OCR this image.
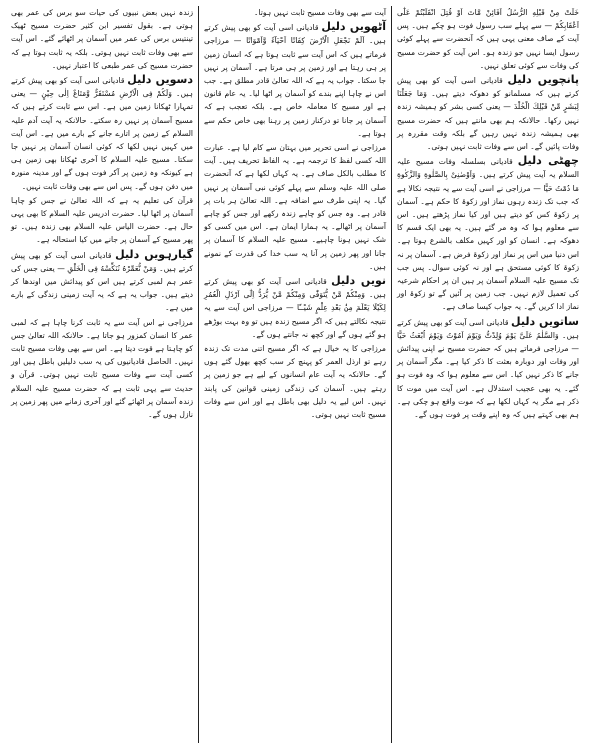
خَلَتْ مِنْ قَبْلِهِ الرُّسُلُ اَفَائِنْ مَّاتَ اَوْ قُتِلَ انْقَلَبْتُمْ عَلٰٓى اَعْقَابِكُمْ — سے پہلے سب رسول فوت ہو چکے ہیں۔ پس آیت کے صاف معنی یہی ہیں کہ آنحضرت سے پہلے کوئی رسول ایسا نہیں جو زندہ ہو۔ اس آیت کو حضرت مسیح کی وفات سے کوئی تعلق نہیں۔

پانچویں دلیل قادیانی اسی آیت کو بھی پیش کرتے ہیں کہ مسلمانو کو دھوکہ دیتے ہیں۔ وَمَا جَعَلْنَا لِبَشَرٍ مِّنْ قَبْلِكَ الْخُلْدَ — یعنی کسی بشر کو ہمیشہ زندہ نہیں رکھا۔ حالانکہ ہم بھی مانتے ہیں کہ حضرت مسیح بھی ہمیشہ زندہ نہیں رہیں گے بلکہ وقت مقررہ پر وفات پائیں گے۔ اس سے وفات ثابت نہیں ہوتی۔

چھٹی دلیل قادیانی بسلسلہ وفات مسیح علیہ السلام یہ آیت پیش کرتے ہیں۔ وَاَوْصٰنِیْ بِالصَّلٰوةِ وَالزَّكٰوةِ مَا دُمْتُ حَیًّا — مرزاجی نے اسی آیت سے یہ نتیجہ نکالا ہے کہ جب تک زندہ رہوں نماز اور زکوۃ کا حکم ہے۔ آسمان پر زکوۃ کس کو دیتے ہیں اور کیا نماز پڑھتے ہیں۔ اس سے معلوم ہوا کہ وہ مر گئے ہیں۔ یہ بھی ایک قسم کا دھوکہ ہے۔ انسان کو اور کہیں مکلف بالشرع ہوتا ہے۔ اس دنیا میں اس پر نماز اور زکوۃ فرض ہے۔ آسمان پر نہ زکوۃ کا کوئی مستحق ہے اور نہ کوئی سوال۔ پس جب تک مسیح علیہ السلام آسمان پر ہیں ان پر احکام شرعیہ کی تعمیل لازم نہیں۔ جب زمین پر آئیں گے تو زکوۃ اور نماز ادا کریں گے۔ یہ جواب کیسا صاف ہے۔

ساتویں دلیل قادیانی اسی آیت کو بھی پیش کرتے ہیں۔ وَالسَّلٰمُ عَلَیَّ یَوْمَ وُلِدْتُّ وَیَوْمَ اَمُوْتُ وَیَوْمَ اُبْعَثُ حَیًّا — مرزاجی فرماتے ہیں کہ حضرت مسیح نے اپنی پیدائش اور وفات اور دوبارہ بعثت کا ذکر کیا ہے۔ مگر آسمان پر جانے کا ذکر نہیں کیا۔ اس سے معلوم ہوا کہ وہ فوت ہو گئے۔ یہ بھی عجیب استدلال ہے۔ اس آیت میں موت کا ذکر ہے مگر یہ کہاں لکھا ہے کہ موت واقع ہو چکی ہے۔ ہم بھی کہتے ہیں کہ وہ اپنے وقت پر فوت ہوں گے۔

آیت سے بھی وفات مسیح ثابت نہیں ہوتا۔

آٹھویں دلیل قادیانی اسی آیت کو بھی پیش کرتے ہیں۔ اَلَمْ نَجْعَلِ الْاَرْضَ كِفَاتًا اَحْیَآءً وَّاَمْوَاتًا — مرزاجی فرماتے ہیں کہ اس آیت سے ثابت ہوتا ہے کہ انسان زمین پر ہی رہتا ہے اور زمین پر ہی مرتا ہے۔ آسمان پر نہیں جا سکتا۔ جواب یہ ہے کہ اللہ تعالیٰ قادر مطلق ہے۔ جب اس نے چاہا اپنے بندے کو آسمان پر اٹھا لیا۔ یہ عام قانون ہے اور مسیح کا معاملہ خاص ہے۔ بلکہ تعجب ہے کہ آسمان پر جانا تو درکنار زمین پر رہنا بھی خاص حکم سے ہوتا ہے۔

مرزاجی نے اسی تحریر میں بہتان سے کام لیا ہے۔ عبارت اللہ کسی لفظ کا ترجمہ ہے۔ یہ الفاظ تحریف ہیں۔ آیت کا مطلب بالکل صاف ہے۔ یہ کہاں لکھا ہے کہ آنحضرت صلی اللہ علیہ وسلم سے پہلے کوئی نبی آسمان پر نہیں گیا۔ یہ اپنی طرف سے اضافہ ہے۔ اللہ تعالیٰ ہر بات پر قادر ہے۔ وہ جس کو چاہے زندہ رکھے اور جس کو چاہے آسمان پر اٹھالے۔ یہ ہمارا ایمان ہے۔ اس میں کسی کو شک نہیں ہونا چاہیے۔ مسیح علیہ السلام کا آسمان پر جانا اور پھر زمین پر آنا یہ سب خدا کی قدرت کے نمونے ہیں۔

نویں دلیل قادیانی اسی آیت کو بھی پیش کرتے ہیں۔ وَمِنْكُمْ مَّنْ یُّتَوَفّٰى وَمِنْكُمْ مَّنْ یُّرَدُّ اِلٰٓى اَرْذَلِ الْعُمُرِ لِكَیْلَا یَعْلَمَ مِنْۢ بَعْدِ عِلْمٍ شَیْــًٔا — مرزاجی اس آیت سے یہ نتیجہ نکالتے ہیں کہ اگر مسیح زندہ ہیں تو وہ بہت بوڑھے ہو گئے ہوں گے اور کچھ نہ جانتے ہوں گے۔

مرزاجی کا یہ خیال ہے کہ اگر مسیح اتنی مدت تک زندہ رہے تو ارذل العمر کو پہنچ کر سب کچھ بھول گئے ہوں گے۔ حالانکہ یہ آیت عام انسانوں کے لیے ہے جو زمین پر رہتے ہیں۔ آسمان کی زندگی زمینی قوانین کی پابند نہیں۔ اس لیے یہ دلیل بھی باطل ہے اور اس سے وفات مسیح ثابت نہیں ہوتی۔

زندہ نہیں بعض نبیوں کی حیات سو برس کی عمر بھی ہوتی ہے۔ بقول تفسیر ابن کثیر حضرت مسیح ٹھیک تینتیس برس کی عمر میں آسمان پر اٹھائے گئے۔ اس آیت سے بھی وفات ثابت نہیں ہوتی۔ بلکہ یہ ثابت ہوتا ہے کہ حضرت مسیح کی عمر طبعی کا اعتبار نہیں۔

دسویں دلیل قادیانی اسی آیت کو بھی پیش کرتے ہیں۔ وَلَكُمْ فِی الْاَرْضِ مُسْتَقَرٌّ وَّمَتَاعٌ اِلٰى حِیْنٍ — یعنی تمہارا ٹھکانا زمین میں ہے۔ اس سے ثابت کرتے ہیں کہ مسیح آسمان پر نہیں رہ سکتے۔ حالانکہ یہ آیت آدم علیہ السلام کے زمین پر اتارے جانے کے بارے میں ہے۔ اس آیت میں کہیں نہیں لکھا کہ کوئی انسان آسمان پر نہیں جا سکتا۔ مسیح علیہ السلام کا آخری ٹھکانا بھی زمین ہی ہے کیونکہ وہ زمین پر آکر فوت ہوں گے اور مدینہ منورہ میں دفن ہوں گے۔ پس اس سے بھی وفات ثابت نہیں۔

قرآن کی تعلیم یہ ہے کہ اللہ تعالیٰ نے جس کو چاہا آسمان پر اٹھا لیا۔ حضرت ادریس علیہ السلام کا بھی یہی حال ہے۔ حضرت الیاس علیہ السلام بھی زندہ ہیں۔ تو پھر مسیح کے آسمان پر جانے میں کیا استحالہ ہے۔

گیارہویں دلیل قادیانی اسی آیت کو بھی پیش کرتے ہیں۔ وَمَنْ نُّعَمِّرْهُ نُنَكِّسْهُ فِی الْخَلْقِ — یعنی جس کی عمر ہم لمبی کرتے ہیں اس کو پیدائش میں اوندھا کر دیتے ہیں۔ جواب یہ ہے کہ یہ آیت زمینی زندگی کے بارے میں ہے۔

مرزاجی نے اس آیت سے یہ ثابت کرنا چاہا ہے کہ لمبی عمر کا انسان کمزور ہو جاتا ہے۔ حالانکہ اللہ تعالیٰ جس کو چاہتا ہے قوت دیتا ہے۔ اس سے بھی وفات مسیح ثابت نہیں۔ الحاصل قادیانیوں کی یہ سب دلیلیں باطل ہیں اور کسی آیت سے وفات مسیح ثابت نہیں ہوتی۔ قرآن و حدیث سے یہی ثابت ہے کہ حضرت مسیح علیہ السلام زندہ آسمان پر اٹھائے گئے اور آخری زمانے میں پھر زمین پر نازل ہوں گے۔
